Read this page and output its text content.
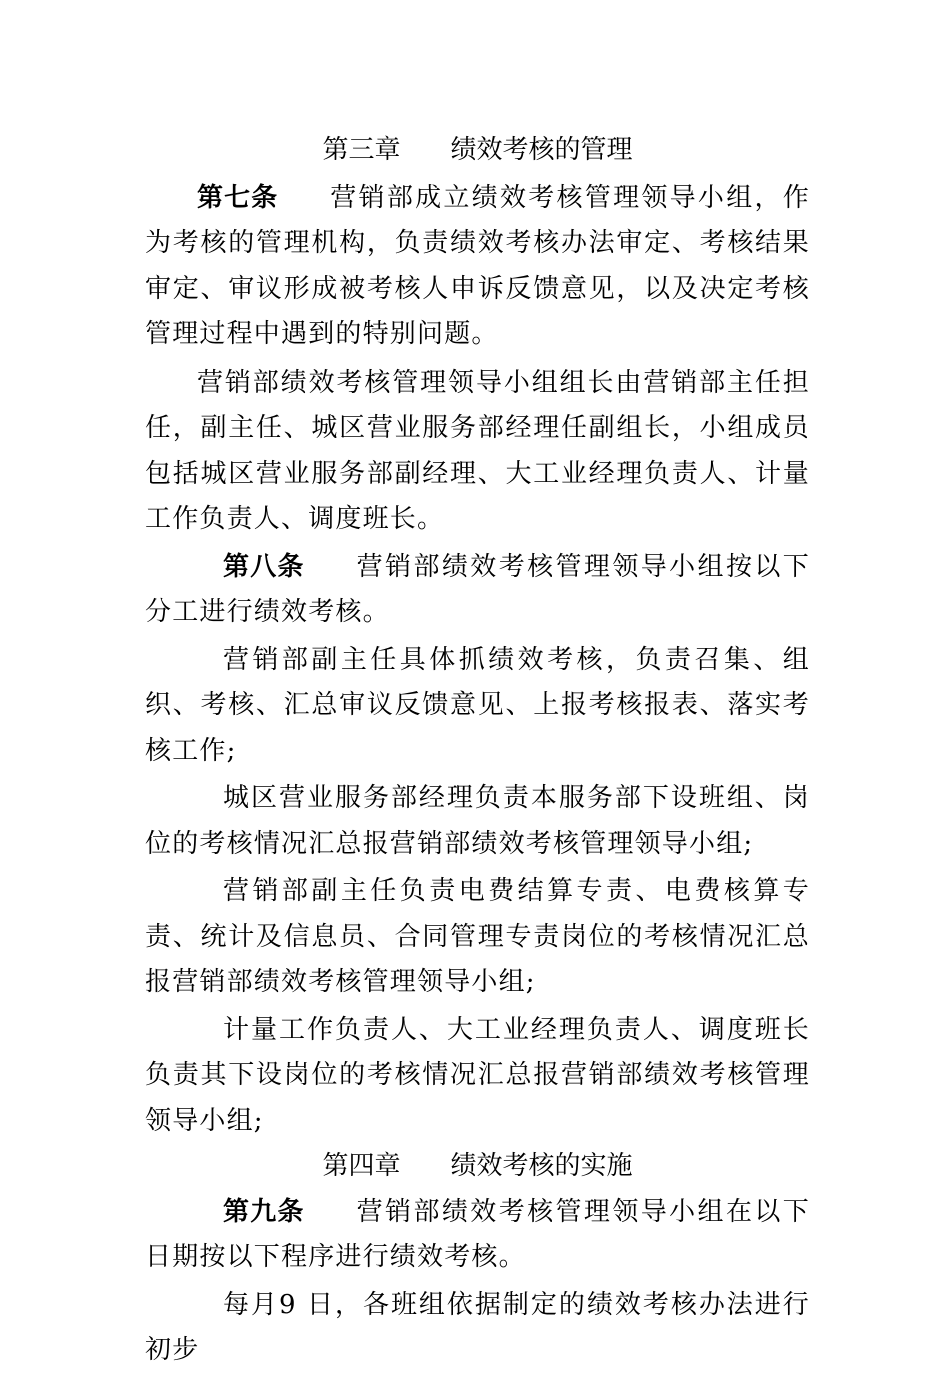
第三章 绩效考核的管理

第七条 营销部成立绩效考核管理领导小组，作为考核的管理机构，负责绩效考核办法审定、考核结果审定、审议形成被考核人申诉反馈意见，以及决定考核管理过程中遇到的特别问题。

营销部绩效考核管理领导小组组长由营销部主任担任，副主任、城区营业服务部经理任副组长，小组成员包括城区营业服务部副经理、大工业经理负责人、计量工作负责人、调度班长。

第八条 营销部绩效考核管理领导小组按以下分工进行绩效考核。

营销部副主任具体抓绩效考核，负责召集、组织、考核、汇总审议反馈意见、上报考核报表、落实考核工作;

城区营业服务部经理负责本服务部下设班组、岗位的考核情况汇总报营销部绩效考核管理领导小组;

营销部副主任负责电费结算专责、电费核算专责、统计及信息员、合同管理专责岗位的考核情况汇总报营销部绩效考核管理领导小组;

计量工作负责人、大工业经理负责人、调度班长负责其下设岗位的考核情况汇总报营销部绩效考核管理领导小组;

第四章 绩效考核的实施

第九条 营销部绩效考核管理领导小组在以下日期按以下程序进行绩效考核。

每月9 日，各班组依据制定的绩效考核办法进行初步
